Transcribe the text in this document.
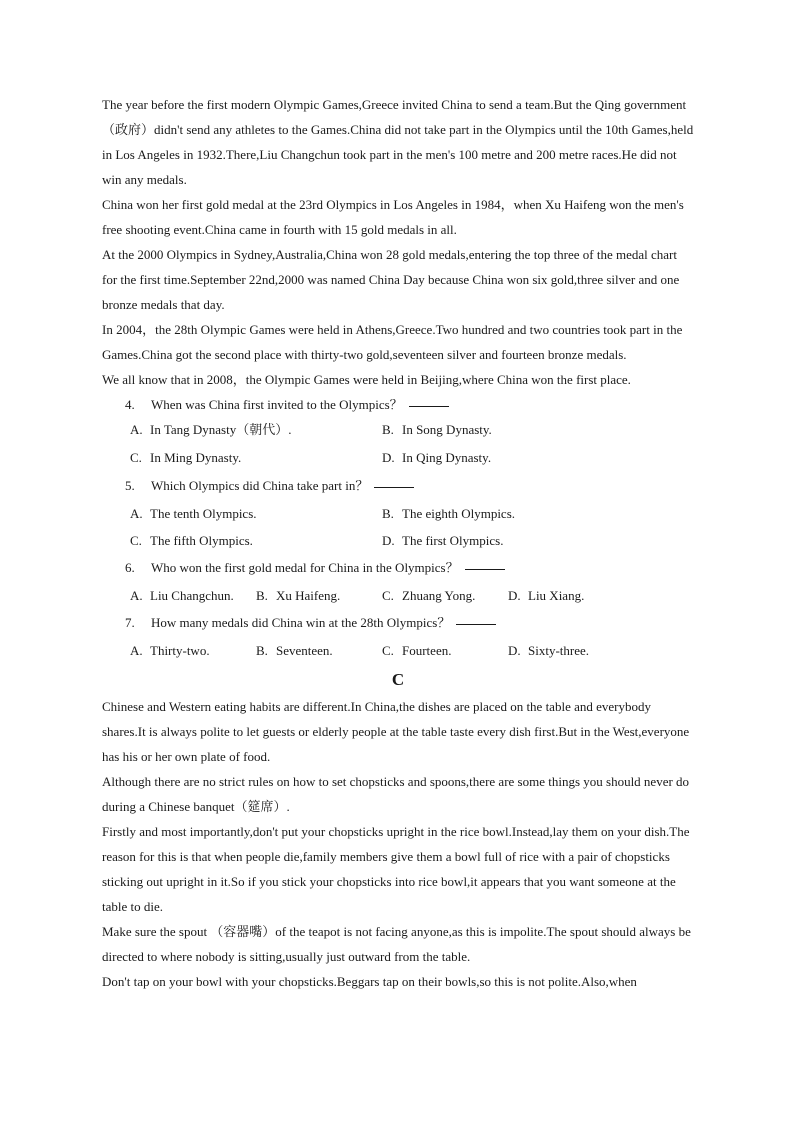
The year before the first modern Olympic Games,Greece invited China to send a team.But the Qing government（政府）didn't send any athletes to the Games.China did not take part in the Olympics until the 10th Games,held in Los Angeles in 1932.There,Liu Changchun took part in the men's 100 metre and 200 metre races.He did not win any medals.

China won her first gold medal at the 23rd Olympics in Los Angeles in 1984，when Xu Haifeng won the men's free shooting event.China came in fourth with 15 gold medals in all.

At the 2000 Olympics in Sydney,Australia,China won 28 gold medals,entering the top three of the medal chart for the first time.September 22nd,2000 was named China Day because China won six gold,three silver and one bronze medals that day.

In 2004，the 28th Olympic Games were held in Athens,Greece.Two hundred and two countries took part in the Games.China got the second place with thirty-two gold,seventeen silver and fourteen bronze medals.

We all know that in 2008，the Olympic Games were held in Beijing,where China won the first place.

4.	When was China first invited to the Olympics？
A. In Tang Dynasty（朝代）.	B. In Song Dynasty.
C. In Ming Dynasty.	D. In Qing Dynasty.
5.	Which Olympics did China take part in？
A. The tenth Olympics.	B. The eighth Olympics.
C. The fifth Olympics.	D. The first Olympics.
6.	Who won the first gold medal for China in the Olympics？
A. Liu Changchun. B. Xu Haifeng.	C. Zhuang Yong.	D. Liu Xiang.
7.	How many medals did China win at the 28th Olympics？
A. Thirty-two.	B. Seventeen.	C. Fourteen.	D. Sixty-three.
C

Chinese and Western eating habits are different.In China,the dishes are placed on the table and everybody shares.It is always polite to let guests or elderly people at the table taste every dish first.But in the West,everyone has his or her own plate of food.

Although there are no strict rules on how to set chopsticks and spoons,there are some things you should never do during a Chinese banquet（筵席）.

Firstly and most importantly,don't put your chopsticks upright in the rice bowl.Instead,lay them on your dish.The reason for this is that when people die,family members give them a bowl full of rice with a pair of chopsticks sticking out upright in it.So if you stick your chopsticks into rice bowl,it appears that you want someone at the table to die.

Make sure the spout （容器嘴）of the teapot is not facing anyone,as this is impolite.The spout should always be directed to where nobody is sitting,usually just outward from the table.

Don't tap on your bowl with your chopsticks.Beggars tap on their bowls,so this is not polite.Also,when
